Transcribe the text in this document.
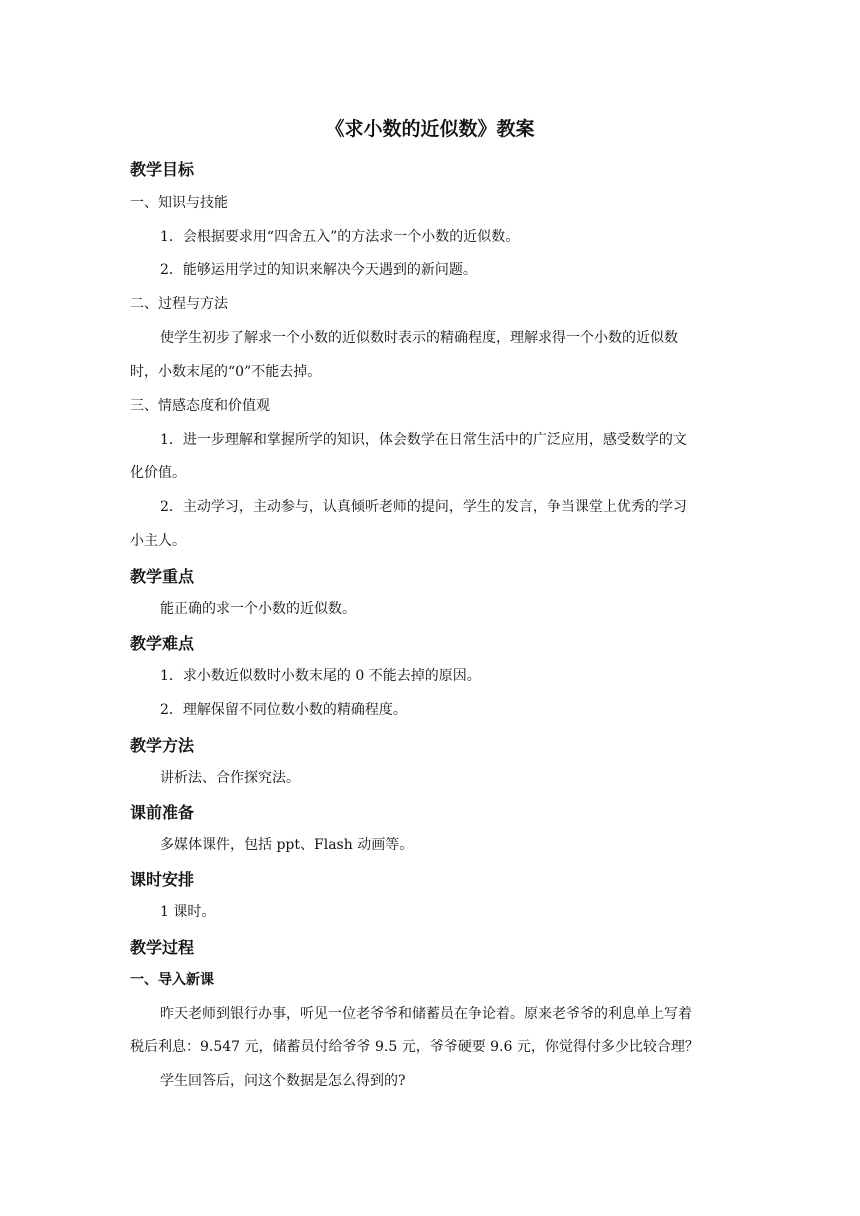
《求小数的近似数》教案
教学目标
一、知识与技能
1．会根据要求用“四舍五入”的方法求一个小数的近似数。
2．能够运用学过的知识来解决今天遇到的新问题。
二、过程与方法
使学生初步了解求一个小数的近似数时表示的精确程度，理解求得一个小数的近似数
时，小数末尾的“0”不能去掉。
三、情感态度和价值观
1．进一步理解和掌握所学的知识，体会数学在日常生活中的广泛应用，感受数学的文
化价值。
2．主动学习，主动参与，认真倾听老师的提问，学生的发言，争当课堂上优秀的学习
小主人。
教学重点
能正确的求一个小数的近似数。
教学难点
1．求小数近似数时小数末尾的 0 不能去掉的原因。
2．理解保留不同位数小数的精确程度。
教学方法
讲析法、合作探究法。
课前准备
多媒体课件，包括 ppt、Flash 动画等。
课时安排
1 课时。
教学过程
一、导入新课
昨天老师到银行办事，听见一位老爷爷和储蓄员在争论着。原来老爷爷的利息单上写着
税后利息：9.547 元，储蓄员付给爷爷 9.5 元，爷爷硬要 9.6 元，你觉得付多少比较合理？
学生回答后，问这个数据是怎么得到的?
